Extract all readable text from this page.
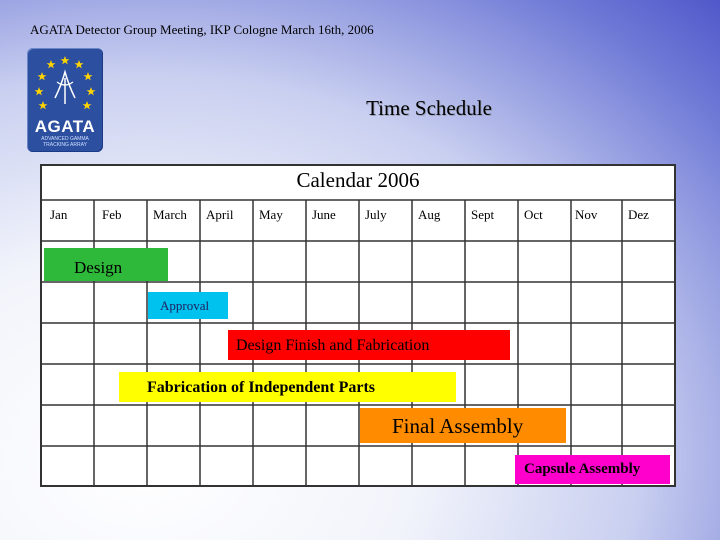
AGATA Detector Group Meeting, IKP Cologne March 16th, 2006
AGATA
ADVANCED GAMMA
TRACKING ARRAY
Time Schedule
Calendar 2006
Jan	Feb March April May June July Aug Sept Oct Nov Dez
Design
Approval
Design Finish and Fabrication
Fabrication of Independent Parts
Final Assembly
Capsule Assembly
